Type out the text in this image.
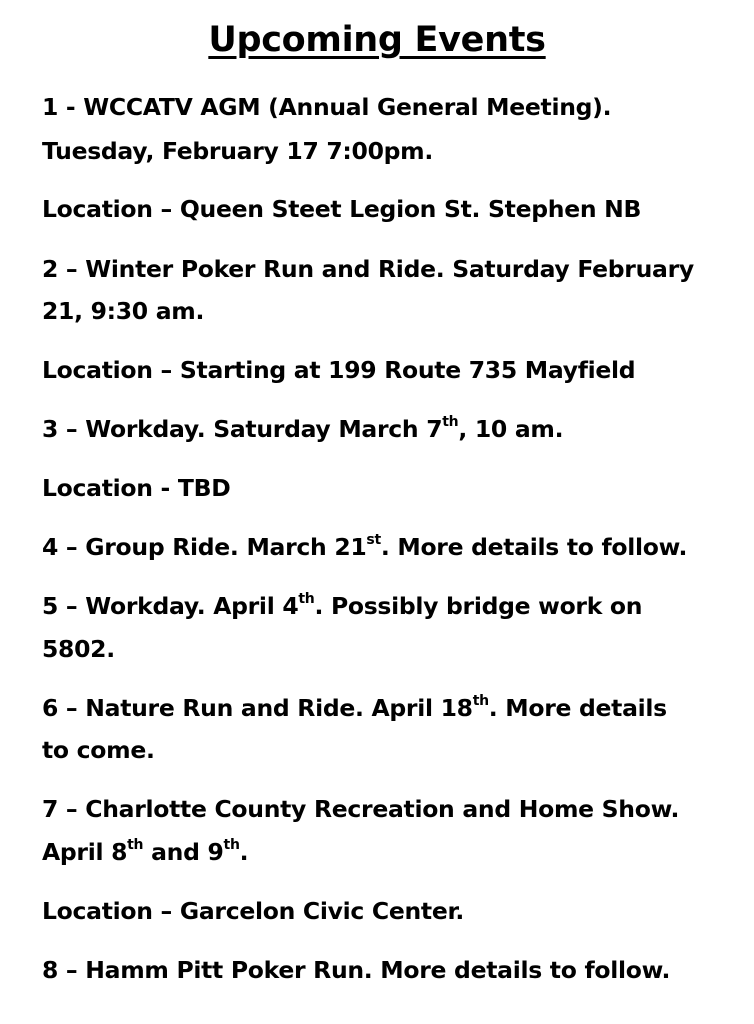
Upcoming Events
1 - WCCATV AGM (Annual General Meeting).
Tuesday, February 17 7:00pm.
Location – Queen Steet Legion St. Stephen NB
2 – Winter Poker Run and Ride. Saturday February
21, 9:30 am.
Location – Starting at 199 Route 735 Mayfield
3 – Workday. Saturday March 7th, 10 am.
Location - TBD
4 – Group Ride. March 21st. More details to follow.
5 – Workday. April 4th. Possibly bridge work on
5802.
6 – Nature Run and Ride. April 18th. More details
to come.
7 – Charlotte County Recreation and Home Show.
April 8th and 9th.
Location – Garcelon Civic Center.
8 – Hamm Pitt Poker Run. More details to follow.
